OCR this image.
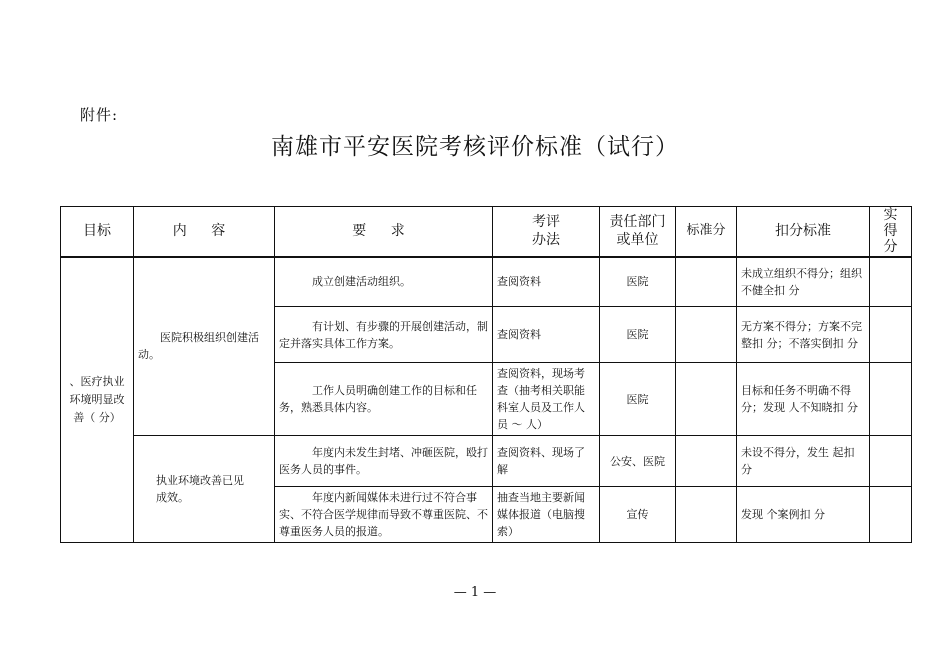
附件:
南雄市平安医院考核评价标准（试行）
目标	内 容	要 求	考评办法	责任部门或单位	标准分	扣分标准	实得分

、医疗执业环境明显改善（ 分）	医院积极组织创建活动。	成立创建活动组织。	查阅资料	医院		未成立组织不得分；组织不健全扣 分	
		有计划、有步骤的开展创建活动，制定并落实具体工作方案。	查阅资料	医院		无方案不得分；方案不完整扣 分；不落实倒扣 分	
		工作人员明确创建工作的目标和任务，熟悉具体内容。	查阅资料，现场考查（抽考相关职能科室人员及工作人员 ～ 人）	医院		目标和任务不明确不得分；发现 人不知晓扣 分	

	执业环境改善已见成效。	年度内未发生封堵、冲砸医院，殴打医务人员的事件。	查阅资料、现场了解	公安、医院		未设不得分，发生 起扣 分	
		年度内新闻媒体未进行过不符合事实、不符合医学规律而导致不尊重医院、不尊重医务人员的报道。	抽查当地主要新闻媒体报道（电脑搜索）	宣传		发现 个案例扣 分	
— 1 —
